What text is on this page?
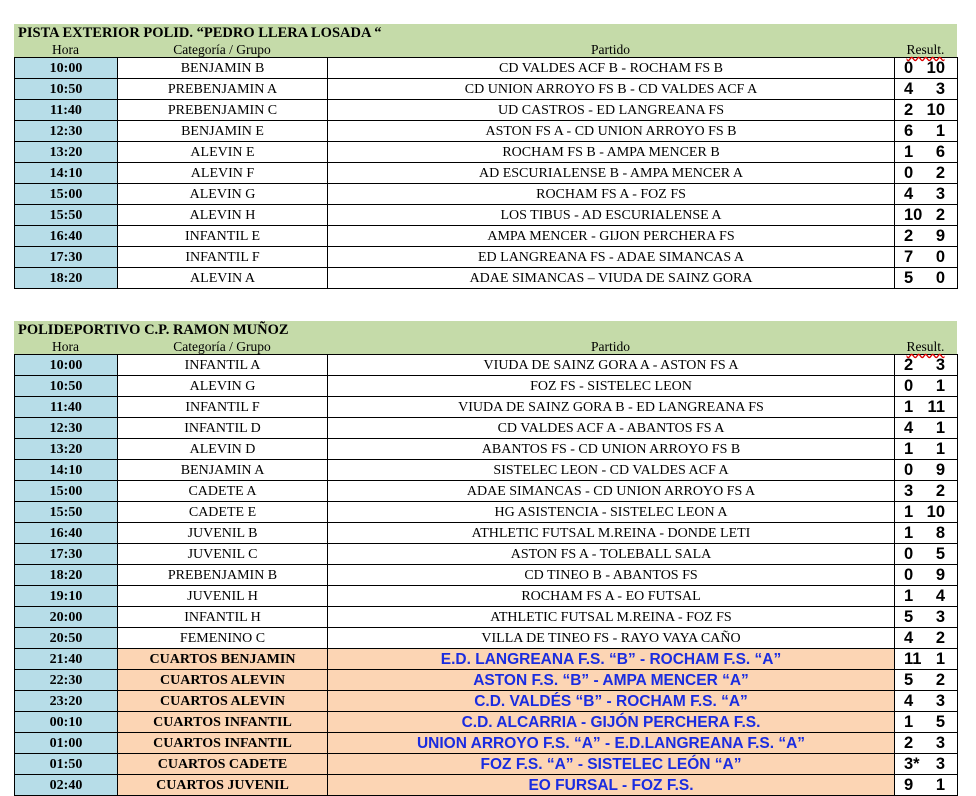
PISTA EXTERIOR POLID. “PEDRO LLERA LOSADA “
Hora	Categoría / Grupo	Partido	Result.
10:00	BENJAMIN B	CD VALDES ACF B - ROCHAM FS B	0 10

10:50	PREBENJAMIN A	CD UNION ARROYO FS B - CD VALDES ACF A	4 3

11:40	PREBENJAMIN C	UD CASTROS - ED LANGREANA FS	2 10

12:30	BENJAMIN E	ASTON FS A - CD UNION ARROYO FS B	6 1

13:20	ALEVIN E	ROCHAM FS B - AMPA MENCER B	1 6

14:10	ALEVIN F	AD ESCURIALENSE B - AMPA MENCER A	0 2

15:00	ALEVIN G	ROCHAM FS A - FOZ FS	4 3

15:50	ALEVIN H	LOS TIBUS - AD ESCURIALENSE A	10 2

16:40	INFANTIL E	AMPA MENCER - GIJON PERCHERA FS	2 9

17:30	INFANTIL F	ED LANGREANA FS - ADAE SIMANCAS A	7 0

18:20	ALEVIN A	ADAE SIMANCAS – VIUDA DE SAINZ GORA	5 0
POLIDEPORTIVO C.P. RAMON MUÑOZ
Hora	Categoría / Grupo	Partido	Result.
10:00	INFANTIL A	VIUDA DE SAINZ GORA A - ASTON FS A	2 3

10:50	ALEVIN G	FOZ FS - SISTELEC LEON	0 1

11:40	INFANTIL F	VIUDA DE SAINZ GORA B - ED LANGREANA FS	1 11

12:30	INFANTIL D	CD VALDES ACF A - ABANTOS FS A	4 1

13:20	ALEVIN D	ABANTOS FS - CD UNION ARROYO FS B	1 1

14:10	BENJAMIN A	SISTELEC LEON - CD VALDES ACF A	0 9

15:00	CADETE A	ADAE SIMANCAS - CD UNION ARROYO FS A	3 2

15:50	CADETE E	HG ASISTENCIA - SISTELEC LEON A	1 10

16:40	JUVENIL B	ATHLETIC FUTSAL M.REINA - DONDE LETI	1 8

17:30	JUVENIL C	ASTON FS A - TOLEBALL SALA	0 5

18:20	PREBENJAMIN B	CD TINEO B - ABANTOS FS	0 9

19:10	JUVENIL H	ROCHAM FS A - EO FUTSAL	1 4

20:00	INFANTIL H	ATHLETIC FUTSAL M.REINA - FOZ FS	5 3

20:50	FEMENINO C	VILLA DE TINEO FS - RAYO VAYA CAÑO	4 2

21:40	CUARTOS BENJAMIN	E.D. LANGREANA F.S. “B” - ROCHAM F.S. “A”	11 1

22:30	CUARTOS ALEVIN	ASTON F.S. “B” - AMPA MENCER “A”	5 2

23:20	CUARTOS ALEVIN	C.D. VALDÉS “B” - ROCHAM F.S. “A”	4 3

00:10	CUARTOS INFANTIL	C.D. ALCARRIA - GIJÓN PERCHERA F.S.	1 5

01:00	CUARTOS INFANTIL	UNION ARROYO F.S. “A” - E.D.LANGREANA F.S. “A”	2 3

01:50	CUARTOS CADETE	FOZ F.S. “A” - SISTELEC LEÓN “A”	3* 3

02:40	CUARTOS JUVENIL	EO FURSAL - FOZ F.S.	9 1
